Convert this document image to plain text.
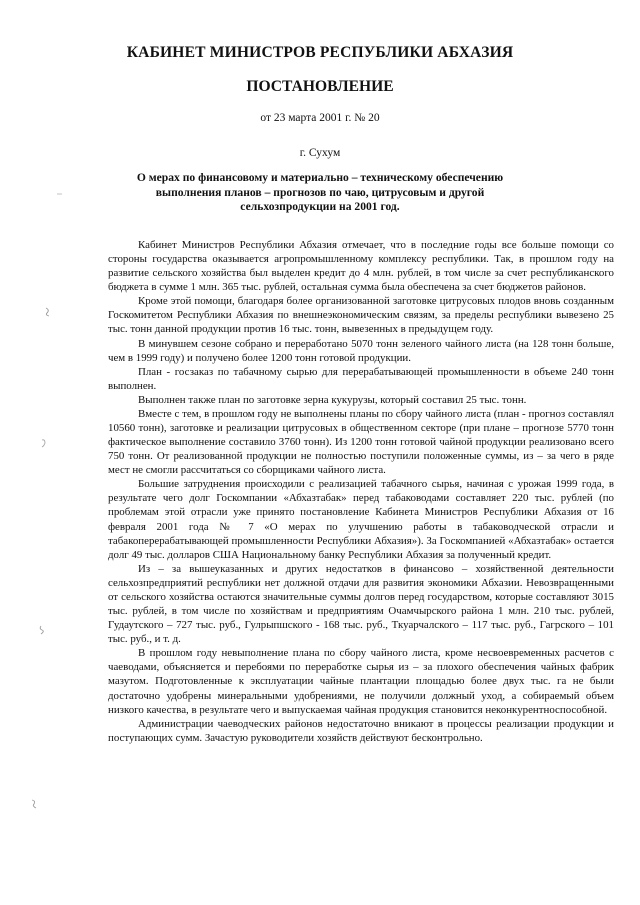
КАБИНЕТ МИНИСТРОВ РЕСПУБЛИКИ АБХАЗИЯ
ПОСТАНОВЛЕНИЕ
от 23 марта 2001 г. № 20
г. Сухум
О мерах по финансовому и материально – техническому обеспечению выполнения планов – прогнозов по чаю, цитрусовым и другой сельхозпродукции на 2001 год.

Кабинет Министров Республики Абхазия отмечает, что в последние годы все больше помощи со стороны государства оказывается агропромышленному комплексу республики. Так, в прошлом году на развитие сельского хозяйства был выделен кредит до 4 млн. рублей, в том числе за счет республиканского бюджета в сумме 1 млн. 365 тыс. рублей, остальная сумма была обеспечена за счет бюджетов районов.

Кроме этой помощи, благодаря более организованной заготовке цитрусовых плодов вновь созданным Госкомитетом Республики Абхазия по внешнеэкономическим связям, за пределы республики вывезено 25 тыс. тонн данной продукции против 16 тыс. тонн, вывезенных в предыдущем году.

В минувшем сезоне собрано и переработано 5070 тонн зеленого чайного листа (на 128 тонн больше, чем в 1999 году) и получено более 1200 тонн готовой продукции.

План - госзаказ по табачному сырью для перерабатывающей промышленности в объеме 240 тонн выполнен.

Выполнен также план по заготовке зерна кукурузы, который составил 25 тыс. тонн.

Вместе с тем, в прошлом году не выполнены планы по сбору чайного листа (план - прогноз составлял 10560 тонн), заготовке и реализации цитрусовых в общественном секторе (при плане – прогнозе 5770 тонн фактическое выполнение составило 3760 тонн). Из 1200 тонн готовой чайной продукции реализовано всего 750 тонн. От реализованной продукции не полностью поступили положенные суммы, из – за чего в ряде мест не смогли рассчитаться со сборщиками чайного листа.

Большие затруднения происходили с реализацией табачного сырья, начиная с урожая 1999 года, в результате чего долг Госкомпании «Абхазтабак» перед табаководами составляет 220 тыс. рублей (по проблемам этой отрасли уже принято постановление Кабинета Министров Республики Абхазия от 16 февраля 2001 года № 7 «О мерах по улучшению работы в табаководческой отрасли и табакоперерабатывающей промышленности Республики Абхазия»). За Госкомпанией «Абхазтабак» остается долг 49 тыс. долларов США Национальному банку Республики Абхазия за полученный кредит.

Из – за вышеуказанных и других недостатков в финансово – хозяйственной деятельности сельхозпредприятий республики нет должной отдачи для развития экономики Абхазии. Невозвращенными от сельского хозяйства остаются значительные суммы долгов перед государством, которые составляют 3015 тыс. рублей, в том числе по хозяйствам и предприятиям Очамчырского района 1 млн. 210 тыс. рублей, Гудаутского – 727 тыс. руб., Гулрыпшского - 168 тыс. руб., Ткуарчалского – 117 тыс. руб., Гагрского – 101 тыс. руб., и т. д.

В прошлом году невыполнение плана по сбору чайного листа, кроме несвоевременных расчетов с чаеводами, объясняется и перебоями по переработке сырья из – за плохого обеспечения чайных фабрик мазутом. Подготовленные к эксплуатации чайные плантации площадью более двух тыс. га не были достаточно удобрены минеральными удобрениями, не получили должный уход, а собираемый объем низкого качества, в результате чего и выпускаемая чайная продукция становится неконкурентноспособной.

Администрации чаеводческих районов недостаточно вникают в процессы реализации продукции и поступающих сумм. Зачастую руководители хозяйств действуют бесконтрольно.
